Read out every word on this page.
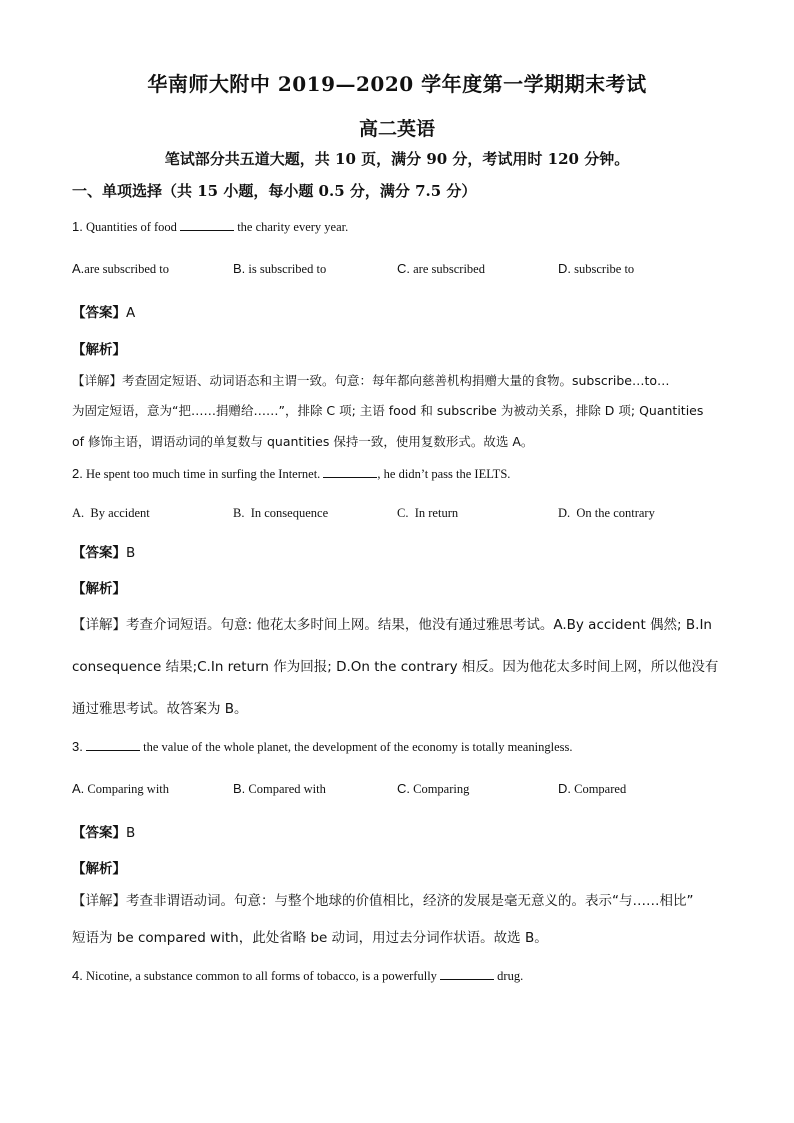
华南师大附中 2019—2020 学年度第一学期期末考试
高二英语
笔试部分共五道大题，共 10 页，满分 90 分，考试用时 120 分钟。
一、单项选择（共 15 小题，每小题 0.5 分，满分 7.5 分）
1. Quantities of food	the charity every year.
A.are subscribed to	B. is subscribed to	C. are subscribed	D. subscribe to
【答案】A
【解析】
【详解】考查固定短语、动词语态和主谓一致。句意：每年都向慈善机构捐赠大量的食物。subscribe…to…
为固定短语，意为“把……捐赠给……”，排除 C 项; 主语 food 和 subscribe 为被动关系，排除 D 项; Quantities
of 修饰主语，谓语动词的单复数与 quantities 保持一致，使用复数形式。故选 A。
2. He spent too much time in surfing the Internet.	, he didn’t pass the IELTS.
A. By accident	B. In consequence	C. In return	D. On the contrary
【答案】B
【解析】
【详解】考查介词短语。句意: 他花太多时间上网。结果，他没有通过雅思考试。A.By accident 偶然; B.In
consequence 结果;C.In return 作为回报; D.On the contrary 相反。因为他花太多时间上网，所以他没有
通过雅思考试。故答案为 B。
3.	the value of the whole planet, the development of the economy is totally meaningless.
A. Comparing with	B. Compared with	C. Comparing	D. Compared
【答案】B
【解析】
【详解】考查非谓语动词。句意：与整个地球的价值相比，经济的发展是毫无意义的。表示“与……相比”
短语为 be compared with，此处省略 be 动词，用过去分词作状语。故选 B。
4. Nicotine, a substance common to all forms of tobacco, is a powerfully	drug.
